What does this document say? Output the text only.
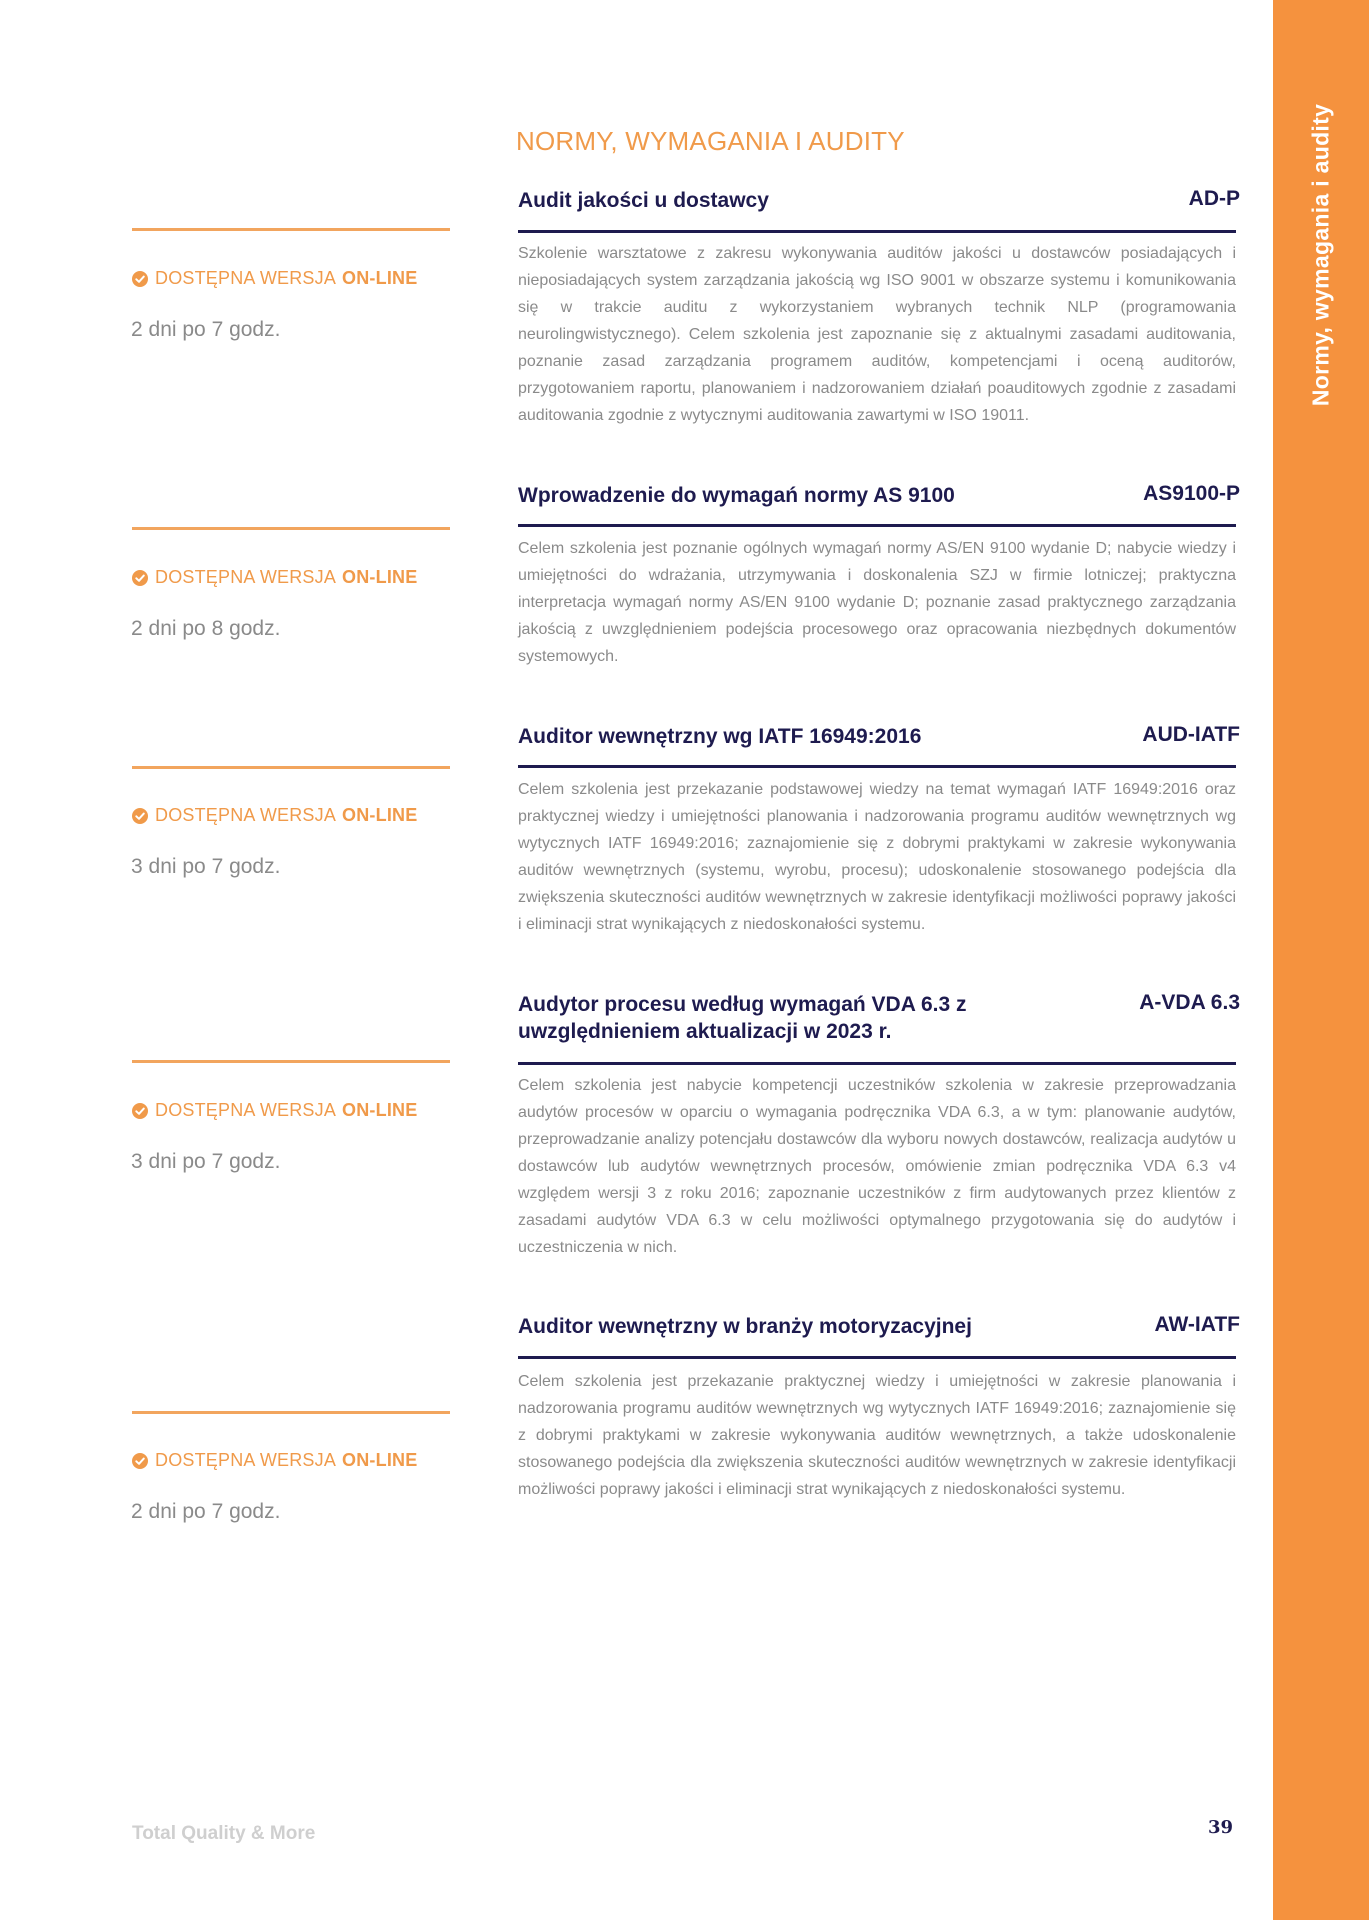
Normy, wymagania i audity
NORMY, WYMAGANIA I AUDITY
Audit jakości u dostawcy	AD-P
DOSTĘPNA WERSJA ON-LINE
2 dni po 7 godz.

Szkolenie warsztatowe z zakresu wykonywania auditów jakości u dostawców posiadających i nieposiadających system zarządzania jakością wg ISO 9001 w obszarze systemu i komunikowania się w trakcie auditu z wykorzystaniem wybranych technik NLP (programowania neurolingwistycznego). Celem szkolenia jest zapoznanie się z aktualnymi zasadami auditowania, poznanie zasad zarządzania programem auditów, kompetencjami i oceną auditorów, przygotowaniem raportu, planowaniem i nadzorowaniem działań poauditowych zgodnie z zasadami auditowania zgodnie z wytycznymi auditowania zawartymi w ISO 19011.

Wprowadzenie do wymagań normy AS 9100	AS9100-P
DOSTĘPNA WERSJA ON-LINE
2 dni po 8 godz.

Celem szkolenia jest poznanie ogólnych wymagań normy AS/EN 9100 wydanie D; nabycie wiedzy i umiejętności do wdrażania, utrzymywania i doskonalenia SZJ w firmie lotniczej; praktyczna interpretacja wymagań normy AS/EN 9100 wydanie D; poznanie zasad praktycznego zarządzania jakością z uwzględnieniem podejścia procesowego oraz opracowania niezbędnych dokumentów systemowych.

Auditor wewnętrzny wg IATF 16949:2016	AUD-IATF
DOSTĘPNA WERSJA ON-LINE
3 dni po 7 godz.

Celem szkolenia jest przekazanie podstawowej wiedzy na temat wymagań IATF 16949:2016 oraz praktycznej wiedzy i umiejętności planowania i nadzorowania programu auditów wewnętrznych wg wytycznych IATF 16949:2016; zaznajomienie się z dobrymi praktykami w zakresie wykonywania auditów wewnętrznych (systemu, wyrobu, procesu); udoskonalenie stosowanego podejścia dla zwiększenia skuteczności auditów wewnętrznych w zakresie identyfikacji możliwości poprawy jakości i eliminacji strat wynikających z niedoskonałości systemu.

Audytor procesu według wymagań VDA 6.3 z uwzględnieniem aktualizacji w 2023 r.
A-VDA 6.3
DOSTĘPNA WERSJA ON-LINE
3 dni po 7 godz.

Celem szkolenia jest nabycie kompetencji uczestników szkolenia w zakresie przeprowadzania audytów procesów w oparciu o wymagania podręcznika VDA 6.3, a w tym: planowanie audytów, przeprowadzanie analizy potencjału dostawców dla wyboru nowych dostawców, realizacja audytów u dostawców lub audytów wewnętrznych procesów, omówienie zmian podręcznika VDA 6.3 v4 względem wersji 3 z roku 2016; zapoznanie uczestników z firm audytowanych przez klientów z zasadami audytów VDA 6.3 w celu możliwości optymalnego przygotowania się do audytów i uczestniczenia w nich.

Auditor wewnętrzny w branży motoryzacyjnej	AW-IATF
DOSTĘPNA WERSJA ON-LINE
2 dni po 7 godz.

Celem szkolenia jest przekazanie praktycznej wiedzy i umiejętności w zakresie planowania i nadzorowania programu auditów wewnętrznych wg wytycznych IATF 16949:2016; zaznajomienie się z dobrymi praktykami w zakresie wykonywania auditów wewnętrznych, a także udoskonalenie stosowanego podejścia dla zwiększenia skuteczności auditów wewnętrznych w zakresie identyfikacji możliwości poprawy jakości i eliminacji strat wynikających z niedoskonałości systemu.

Total Quality & More	39
